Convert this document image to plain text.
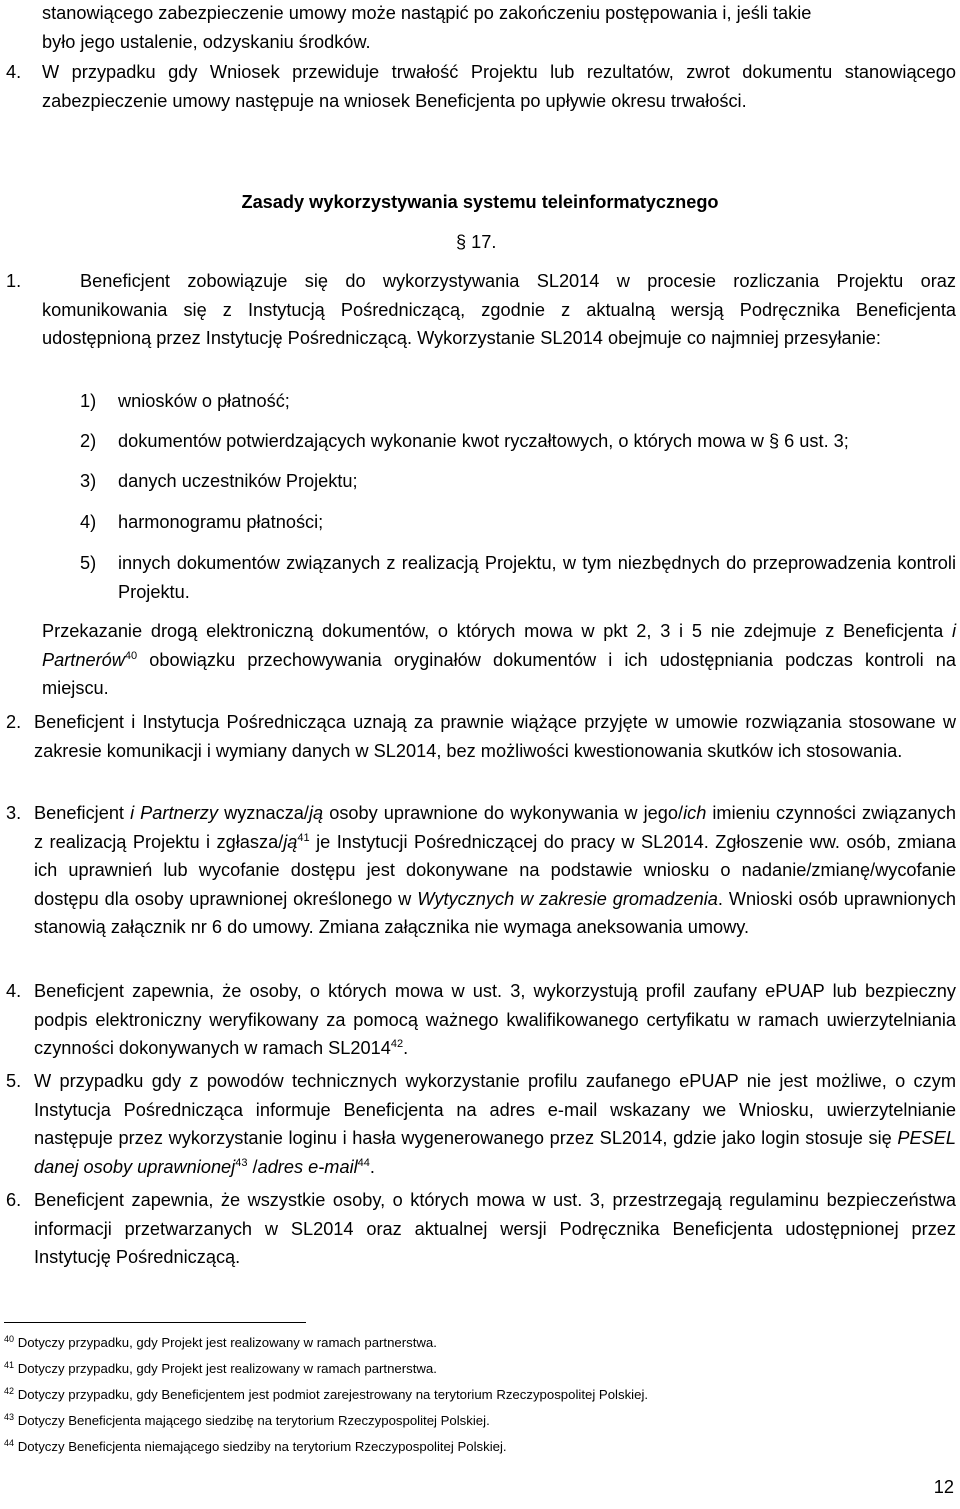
stanowiącego zabezpieczenie umowy może nastąpić po zakończeniu postępowania i, jeśli takie
było jego ustalenie, odzyskaniu środków.
4.	W przypadku gdy Wniosek przewiduje trwałość Projektu lub rezultatów, zwrot dokumentu stanowiącego zabezpieczenie umowy następuje na wniosek Beneficjenta po upływie okresu trwałości.
Zasady wykorzystywania systemu teleinformatycznego
§ 17.
1.	Beneficjent zobowiązuje się do wykorzystywania SL2014 w procesie rozliczania Projektu oraz komunikowania się z Instytucją Pośredniczącą, zgodnie z aktualną wersją Podręcznika Beneficjenta udostępnioną przez Instytucję Pośredniczącą. Wykorzystanie SL2014 obejmuje co najmniej przesyłanie:
1) wniosków o płatność;
2) dokumentów potwierdzających wykonanie kwot ryczałtowych, o których mowa w § 6 ust. 3;
3) danych uczestników Projektu;
4) harmonogramu płatności;
5)	innych dokumentów związanych z realizacją Projektu, w tym niezbędnych do przeprowadzenia kontroli Projektu.
Przekazanie drogą elektroniczną dokumentów, o których mowa w pkt 2, 3 i 5 nie zdejmuje z Beneficjenta i Partnerów$^{40}$ obowiązku przechowywania oryginałów dokumentów i ich udostępniania podczas kontroli na miejscu.
2. Beneficjent i Instytucja Pośrednicząca uznają za prawnie wiążące przyjęte w umowie rozwiązania stosowane w zakresie komunikacji i wymiany danych w SL2014, bez możliwości kwestionowania skutków ich stosowania.
3. Beneficjent i Partnerzy wyznacza/ją osoby uprawnione do wykonywania w jego/ich imieniu czynności związanych z realizacją Projektu i zgłasza/$ją^{41}$ je Instytucji Pośredniczącej do pracy w SL2014. Zgłoszenie ww. osób, zmiana ich uprawnień lub wycofanie dostępu jest dokonywane na podstawie wniosku o nadanie/zmianę/wycofanie dostępu dla osoby uprawnionej określonego w Wytycznych w zakresie gromadzenia. Wnioski osób uprawnionych stanowią załącznik nr 6 do umowy. Zmiana załącznika nie wymaga aneksowania umowy.
4. Beneficjent zapewnia, że osoby, o których mowa w ust. 3, wykorzystują profil zaufany ePUAP lub bezpieczny podpis elektroniczny weryfikowany za pomocą ważnego kwalifikowanego certyfikatu w ramach uwierzytelniania czynności dokonywanych w ramach SL2014$^{42}$.
5. W przypadku gdy z powodów technicznych wykorzystanie profilu zaufanego ePUAP nie jest możliwe, o czym Instytucja Pośrednicząca informuje Beneficjenta na adres e-mail wskazany we Wniosku, uwierzytelnianie następuje przez wykorzystanie loginu i hasła wygenerowanego przez SL2014, gdzie jako login stosuje się PESEL danej osoby uprawnionej$^{43}$ /adres e-mail$^{44}$.
6. Beneficjent zapewnia, że wszystkie osoby, o których mowa w ust. 3, przestrzegają regulaminu bezpieczeństwa informacji przetwarzanych w SL2014 oraz aktualnej wersji Podręcznika Beneficjenta udostępnionej przez Instytucję Pośredniczącą.
$^{40}$ Dotyczy przypadku, gdy Projekt jest realizowany w ramach partnerstwa.
$^{41}$ Dotyczy przypadku, gdy Projekt jest realizowany w ramach partnerstwa.
$^{42}$ Dotyczy przypadku, gdy Beneficjentem jest podmiot zarejestrowany na terytorium Rzeczypospolitej Polskiej.
$^{43}$ Dotyczy Beneficjenta mającego siedzibę na terytorium Rzeczypospolitej Polskiej.
$^{44}$ Dotyczy Beneficjenta niemającego siedziby na terytorium Rzeczypospolitej Polskiej.
12
